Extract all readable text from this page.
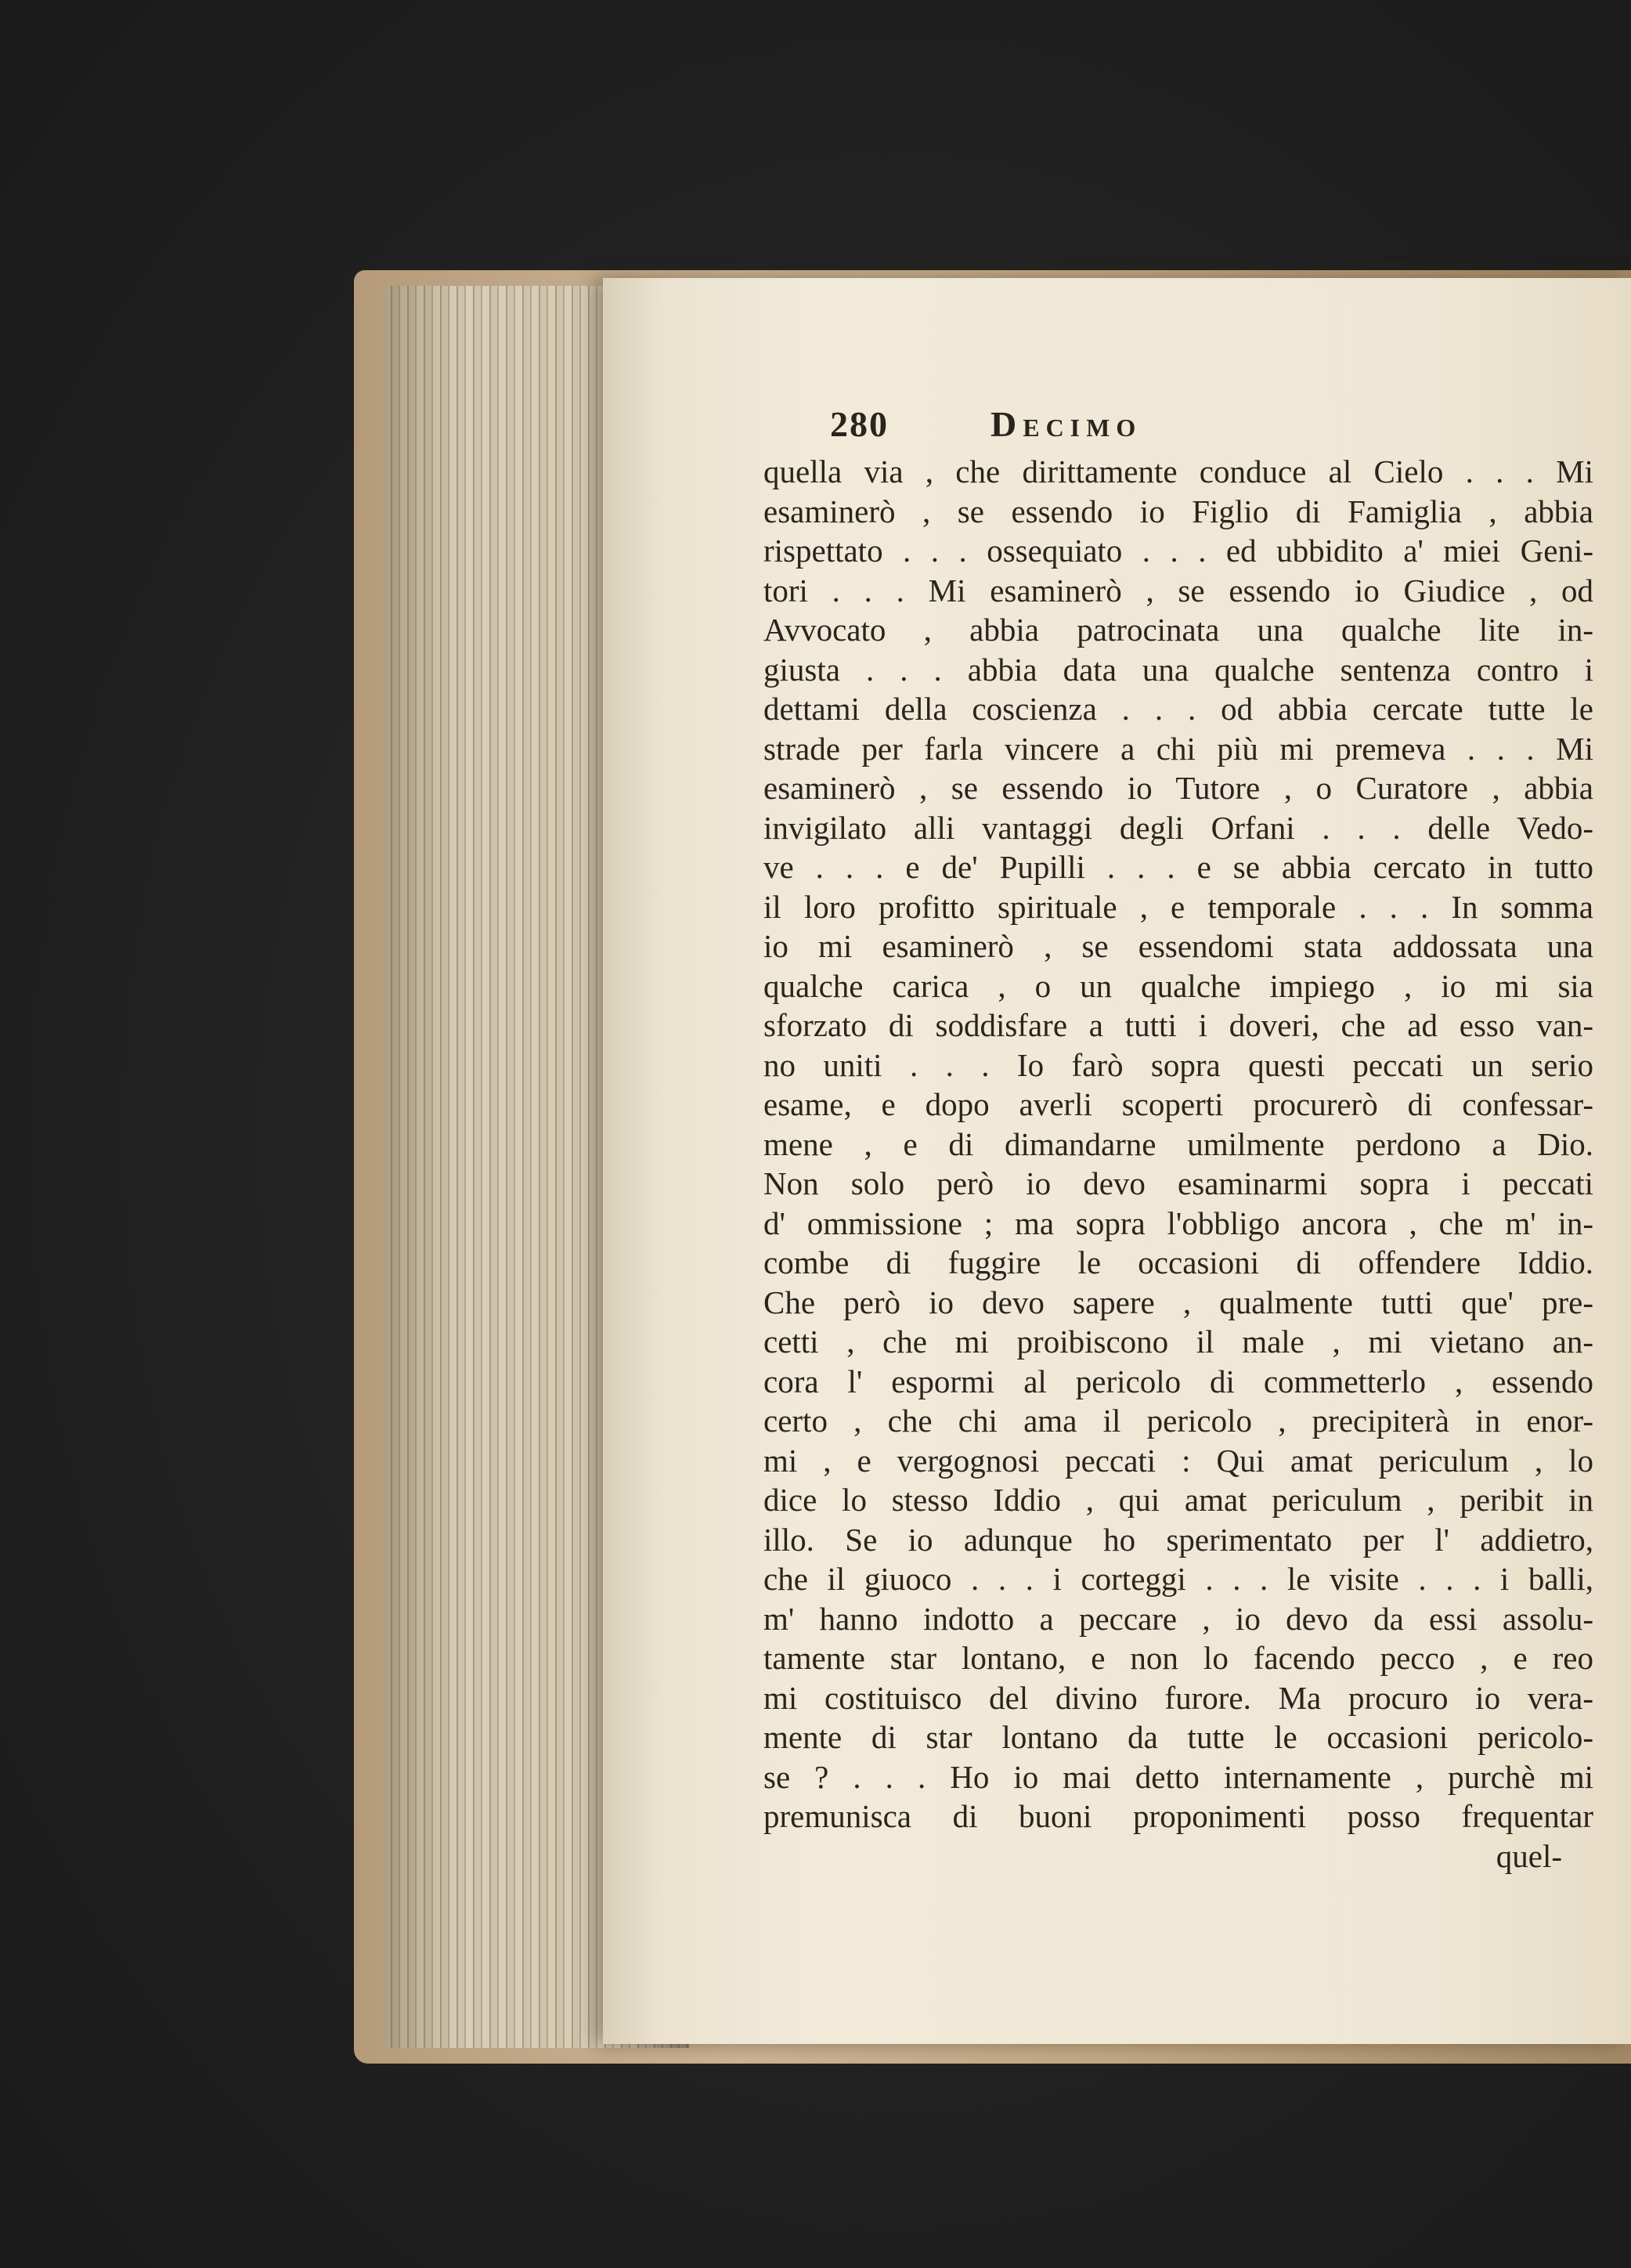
280	Decimo
quella via , che dirittamente conduce al Cielo . . . Mi
esaminerò , se essendo io Figlio di Famiglia , abbia
rispettato . . . ossequiato . . . ed ubbidito a' miei Geni-
tori . . . Mi esaminerò , se essendo io Giudice , od
Avvocato , abbia patrocinata una qualche lite in-
giusta . . . abbia data una qualche sentenza contro i
dettami della coscienza . . . od abbia cercate tutte le
strade per farla vincere a chi più mi premeva . . . Mi
esaminerò , se essendo io Tutore , o Curatore , abbia
invigilato alli vantaggi degli Orfani . . . delle Vedo-
ve . . . e de' Pupilli . . . e se abbia cercato in tutto
il loro profitto spirituale , e temporale . . . In somma
io mi esaminerò , se essendomi stata addossata una
qualche carica , o un qualche impiego , io mi sia
sforzato di soddisfare a tutti i doveri, che ad esso van-
no uniti . . . Io farò sopra questi peccati un serio
esame, e dopo averli scoperti procurerò di confessar-
mene , e di dimandarne umilmente perdono a Dio.
Non solo però io devo esaminarmi sopra i peccati
d' ommissione ; ma sopra l'obbligo ancora , che m' in-
combe di fuggire le occasioni di offendere Iddio.
Che però io devo sapere , qualmente tutti que' pre-
cetti , che mi proibiscono il male , mi vietano an-
cora l' espormi al pericolo di commetterlo , essendo
certo , che chi ama il pericolo , precipiterà in enor-
mi , e vergognosi peccati : Qui amat periculum , lo
dice lo stesso Iddio , qui amat periculum , peribit in
illo. Se io adunque ho sperimentato per l' addietro,
che il giuoco . . . i corteggi . . . le visite . . . i balli,
m' hanno indotto a peccare , io devo da essi assolu-
tamente star lontano, e non lo facendo pecco , e reo
mi costituisco del divino furore. Ma procuro io vera-
mente di star lontano da tutte le occasioni pericolo-
se ? . . . Ho io mai detto internamente , purchè mi
premunisca di buoni proponimenti posso frequentar
quel-
